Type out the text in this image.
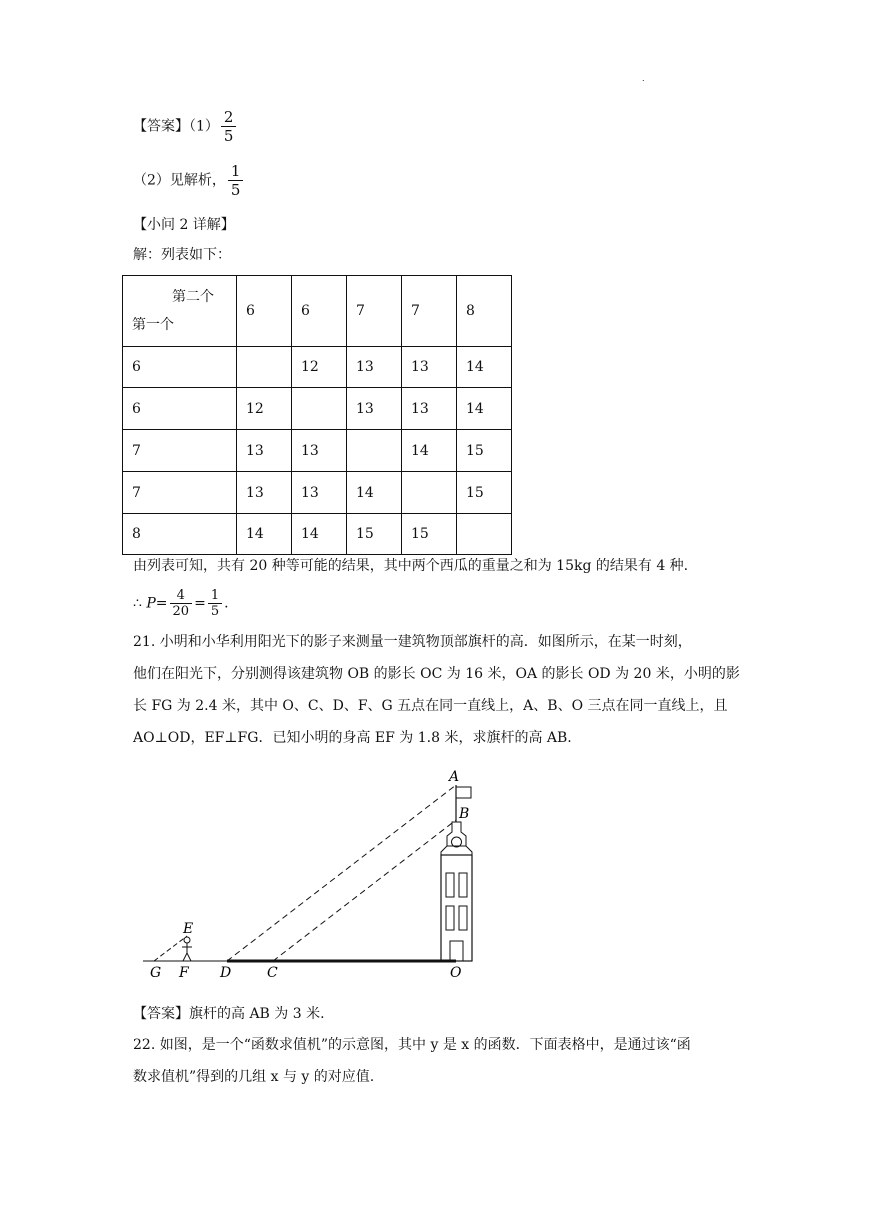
.
【答案】$(1) \frac{2}{5}$
（2）见解析， $\frac{1}{5}$
【小问 2 详解】
解：列表如下：
第二个
第一个	6	6	7	7	8
6		12	13	13	14
6	12		13	13	14
7	13	13		14	15
7	13	13	14		15
8	14	14	15	15	
由列表可知，共有 20 种等可能的结果，其中两个西瓜的重量之和为 15kg 的结果有 4 种.
∴ $P= \frac{4}{20} = \frac{1}{5}$ .

21. 小明和小华利用阳光下的影子来测量一建筑物顶部旗杆的高．如图所示，在某一时刻，

他们在阳光下，分别测得该建筑物 OB 的影长 OC 为 16 米，OA 的影长 OD 为 20 米，小明的影

长 FG 为 2.4 米，其中 O、C、D、F、G 五点在同一直线上，A、B、O 三点在同一直线上，且

AO⊥OD，EF⊥FG．已知小明的身高 EF 为 1.8 米，求旗杆的高 AB.

A
B
E
G F D	C	O
【答案】旗杆的高 AB 为 3 米.

22. 如图，是一个“函数求值机”的示意图，其中 y 是 x 的函数．下面表格中，是通过该“函

数求值机”得到的几组 x 与 y 的对应值.
